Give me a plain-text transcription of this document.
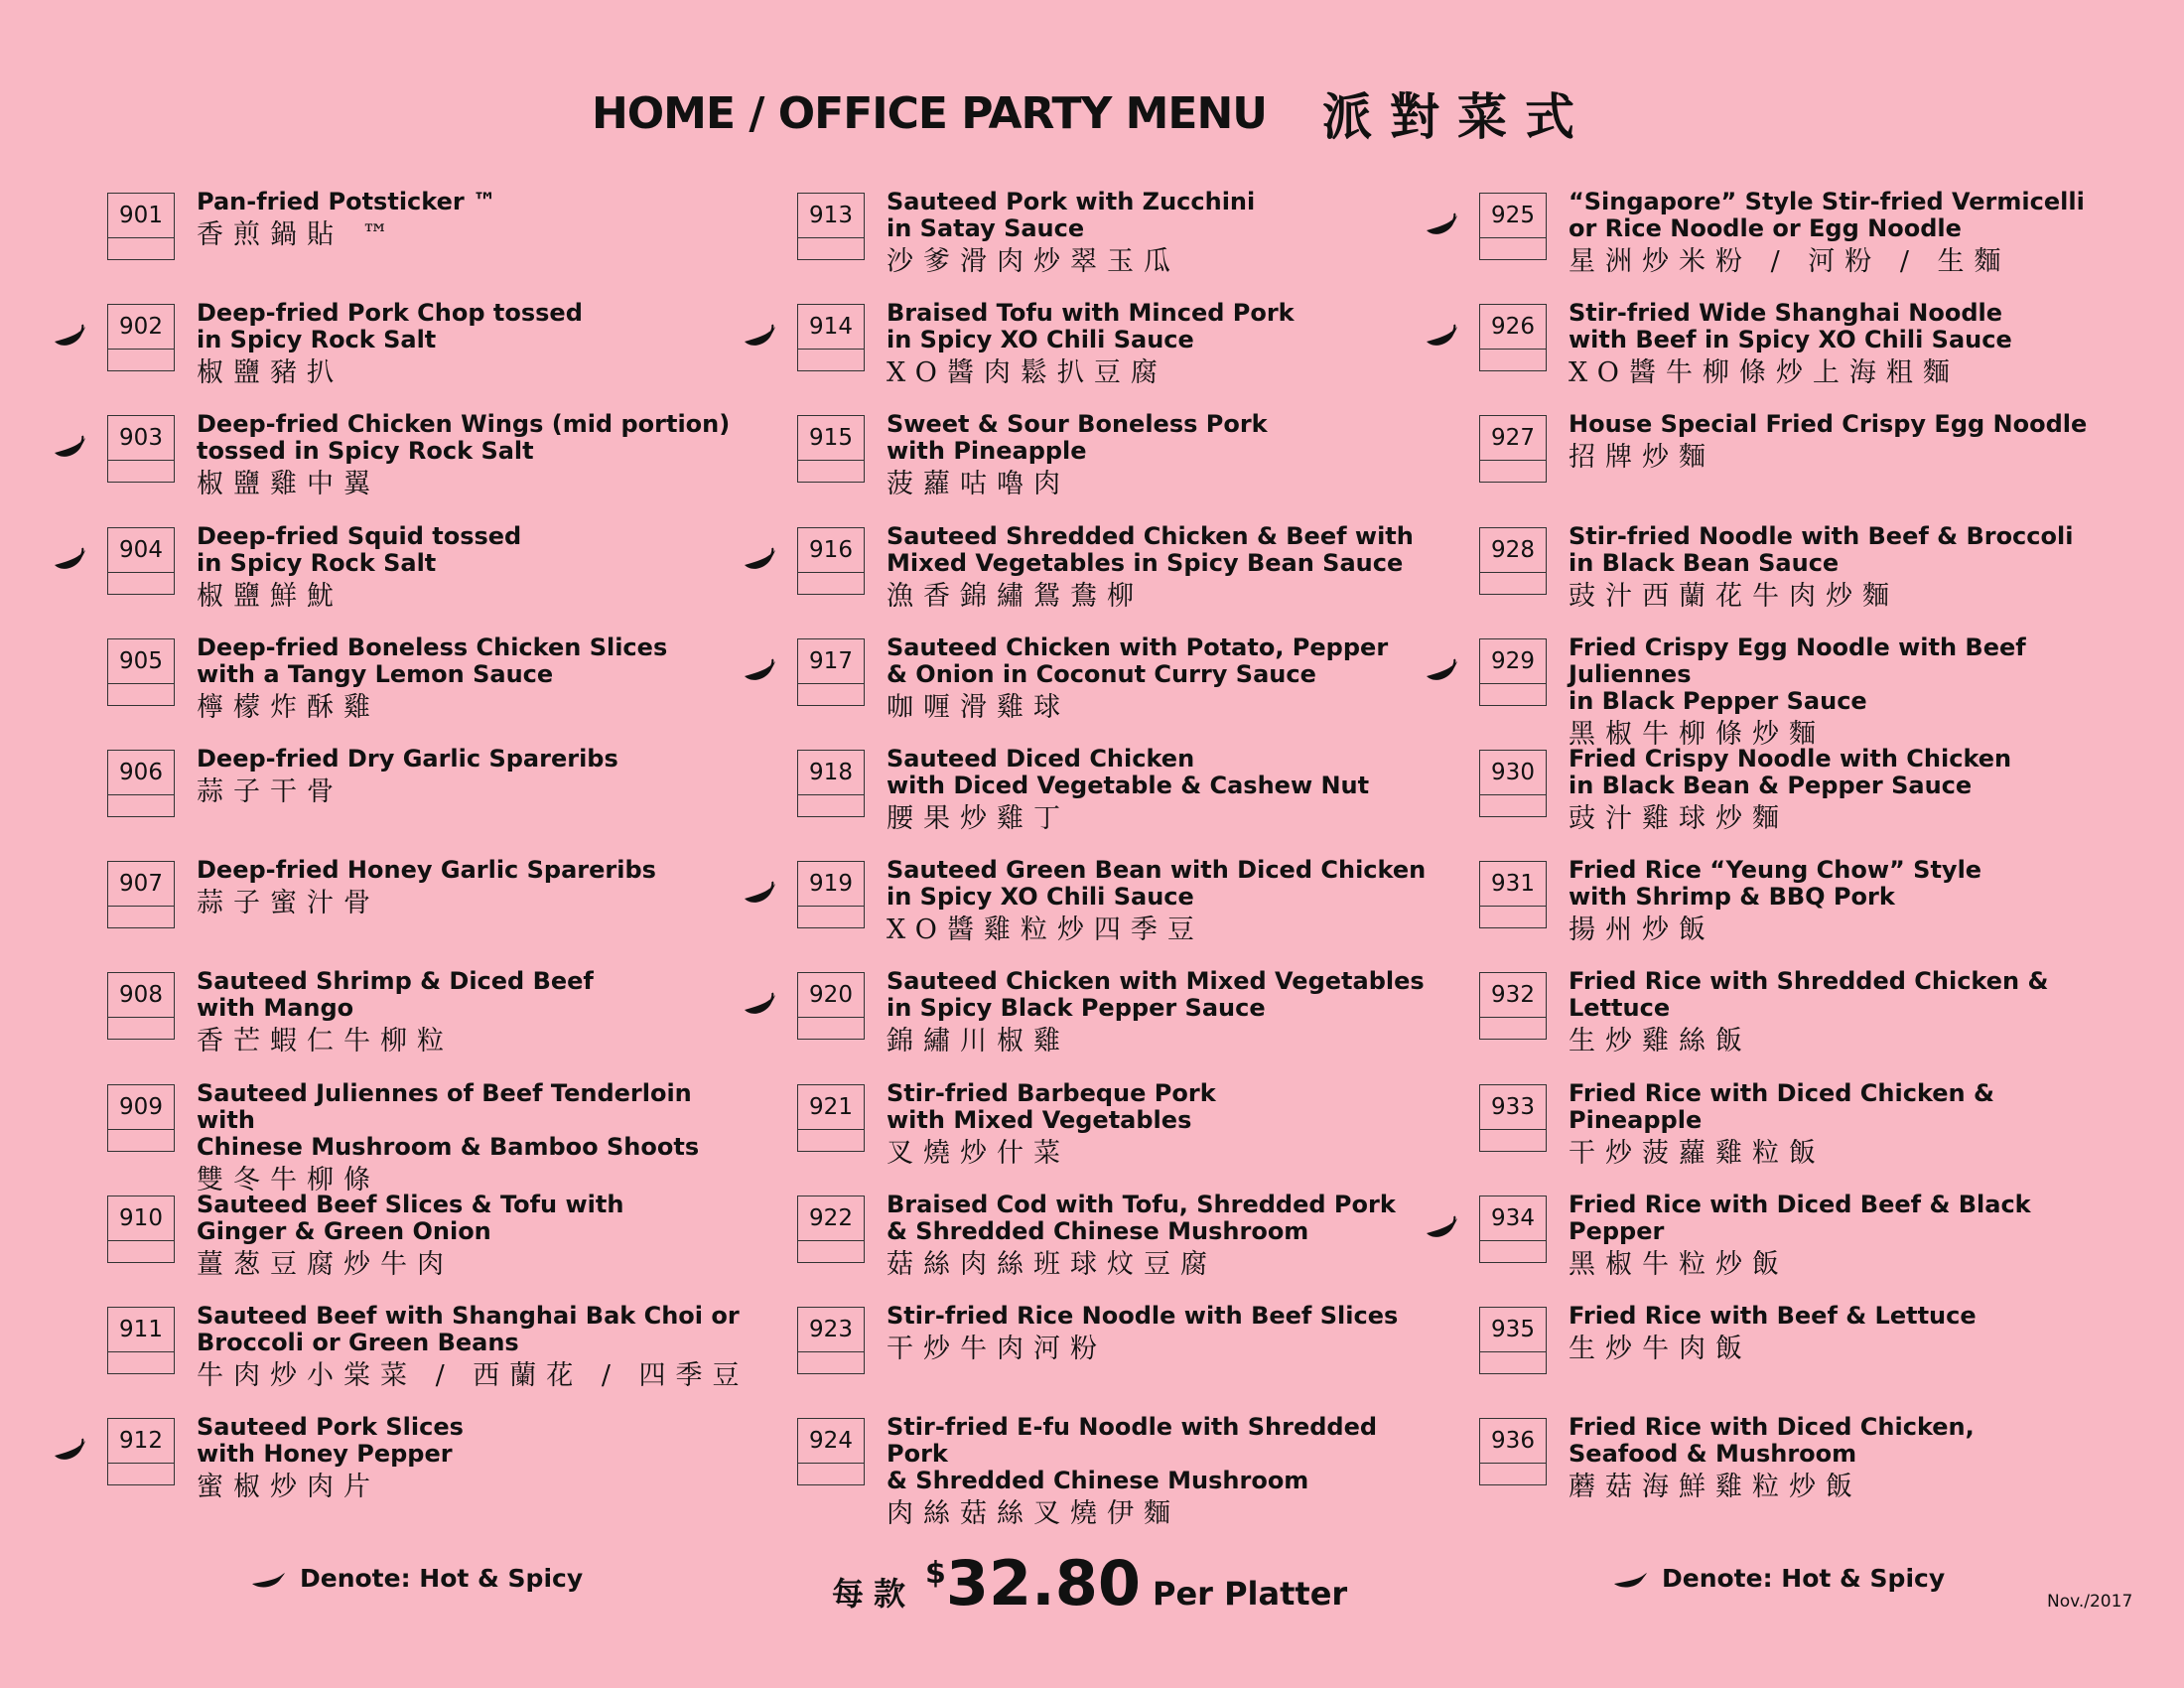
HOME / OFFICE PARTY MENU 派對菜式
901	Pan-fried Potsticker ™
香煎鍋貼 ™
902	Deep-fried Pork Chop tossed
in Spicy Rock Salt
椒鹽豬扒
903	Deep-fried Chicken Wings (mid portion)
tossed in Spicy Rock Salt
椒鹽雞中翼
904	Deep-fried Squid tossed
in Spicy Rock Salt
椒鹽鮮魷
905	Deep-fried Boneless Chicken Slices
with a Tangy Lemon Sauce
檸檬炸酥雞
906	Deep-fried Dry Garlic Spareribs
蒜子干骨
907	Deep-fried Honey Garlic Spareribs
蒜子蜜汁骨
908	Sauteed Shrimp & Diced Beef
with Mango
香芒蝦仁牛柳粒
909	Sauteed Juliennes of Beef Tenderloin with
Chinese Mushroom & Bamboo Shoots
雙冬牛柳條
910	Sauteed Beef Slices & Tofu with
Ginger & Green Onion
薑葱豆腐炒牛肉
911	Sauteed Beef with Shanghai Bak Choi or
Broccoli or Green Beans
牛肉炒小棠菜 / 西蘭花 / 四季豆
912	Sauteed Pork Slices
with Honey Pepper
蜜椒炒肉片
913	Sauteed Pork with Zucchini
in Satay Sauce
沙爹滑肉炒翠玉瓜
914	Braised Tofu with Minced Pork
in Spicy XO Chili Sauce
XO醬肉鬆扒豆腐
915	Sweet & Sour Boneless Pork
with Pineapple
菠蘿咕嚕肉
916	Sauteed Shredded Chicken & Beef with
Mixed Vegetables in Spicy Bean Sauce
漁香錦繡鴛鴦柳
917	Sauteed Chicken with Potato, Pepper
& Onion in Coconut Curry Sauce
咖喱滑雞球
918	Sauteed Diced Chicken
with Diced Vegetable & Cashew Nut
腰果炒雞丁
919	Sauteed Green Bean with Diced Chicken
in Spicy XO Chili Sauce
XO醬雞粒炒四季豆
920	Sauteed Chicken with Mixed Vegetables
in Spicy Black Pepper Sauce
錦繡川椒雞
921	Stir-fried Barbeque Pork
with Mixed Vegetables
叉燒炒什菜
922	Braised Cod with Tofu, Shredded Pork
& Shredded Chinese Mushroom
菇絲肉絲班球炆豆腐
923	Stir-fried Rice Noodle with Beef Slices
干炒牛肉河粉
924	Stir-fried E-fu Noodle with Shredded Pork
& Shredded Chinese Mushroom
肉絲菇絲叉燒伊麵
925	“Singapore” Style Stir-fried Vermicelli
or Rice Noodle or Egg Noodle
星洲炒米粉 / 河粉 / 生麵
926	Stir-fried Wide Shanghai Noodle
with Beef in Spicy XO Chili Sauce
XO醬牛柳條炒上海粗麵
927	House Special Fried Crispy Egg Noodle
招牌炒麵
928	Stir-fried Noodle with Beef & Broccoli
in Black Bean Sauce
豉汁西蘭花牛肉炒麵
929	Fried Crispy Egg Noodle with Beef Juliennes
in Black Pepper Sauce
黑椒牛柳條炒麵
930	Fried Crispy Noodle with Chicken
in Black Bean & Pepper Sauce
豉汁雞球炒麵
931	Fried Rice “Yeung Chow” Style
with Shrimp & BBQ Pork
揚州炒飯
932	Fried Rice with Shredded Chicken & Lettuce
生炒雞絲飯
933	Fried Rice with Diced Chicken & Pineapple
干炒菠蘿雞粒飯
934	Fried Rice with Diced Beef & Black Pepper
黑椒牛粒炒飯
935	Fried Rice with Beef & Lettuce
生炒牛肉飯
936	Fried Rice with Diced Chicken,
Seafood & Mushroom
蘑菇海鮮雞粒炒飯
Denote: Hot & Spicy	每款$32.80 Per Platter	Denote: Hot & Spicy
Nov./2017
